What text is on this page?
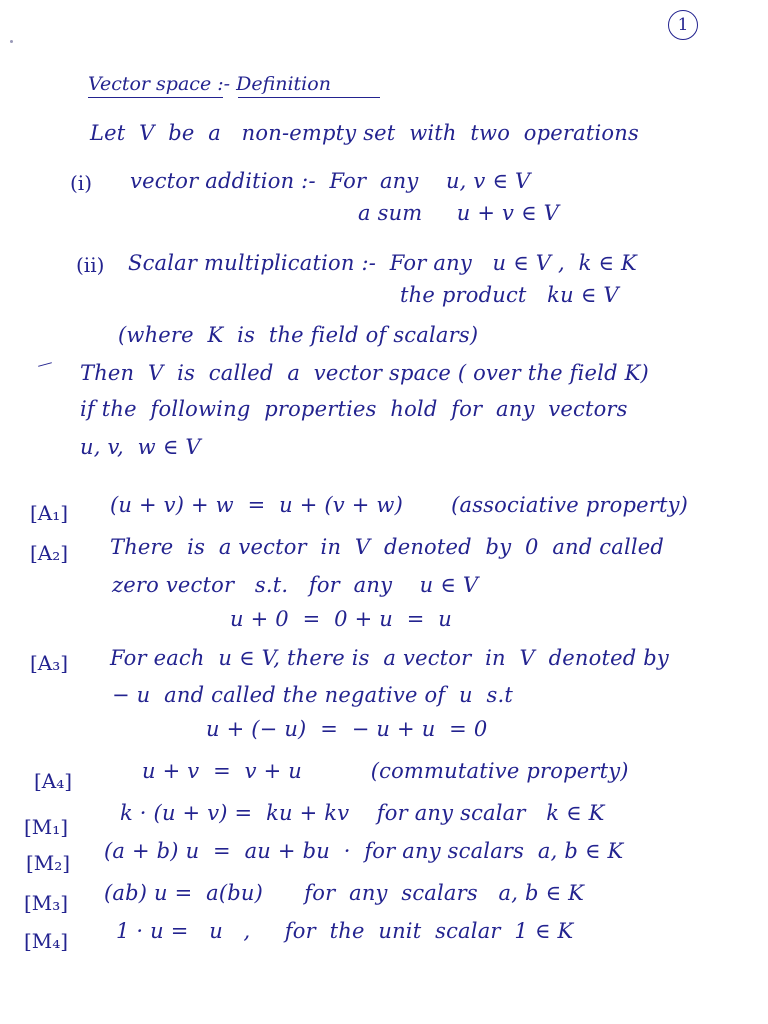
1
Vector space :- Definition
Let  V  be  a   non-empty set  with  two  operations
(i) vector addition :-  For  any    u, v ∈ V
a sum     u + v ∈ V
(ii) Scalar multiplication :-  For any   u ∈ V ,  k ∈ K
the product   ku ∈ V
(where  K  is  the field of scalars)
Then  V  is  called  a  vector space ( over the field K)
if the  following  properties  hold  for  any  vectors
u, v,  w ∈ V
[A₁] (u + v) + w  =  u + (v + w)       (associative property)
[A₂] There  is  a vector  in  V  denoted  by  0  and called
zero vector   s.t.   for  any    u ∈ V
u + 0  =  0 + u  =  u
[A₃] For each  u ∈ V, there is  a vector  in  V  denoted by
− u  and called the negative of  u  s.t
u + (− u)  =  − u + u  = 0
[A₄]	u + v  =  v + u          (commutative property)
[M₁]
k · (u + v) =  ku + kv    for any scalar   k ∈ K
[M₂] (a + b) u  =  au + bu  ·  for any scalars  a, b ∈ K
[M₃] (ab) u =  a(bu)      for  any  scalars   a, b ∈ K
[M₄] 1 · u =   u   ,     for  the  unit  scalar  1 ∈ K
